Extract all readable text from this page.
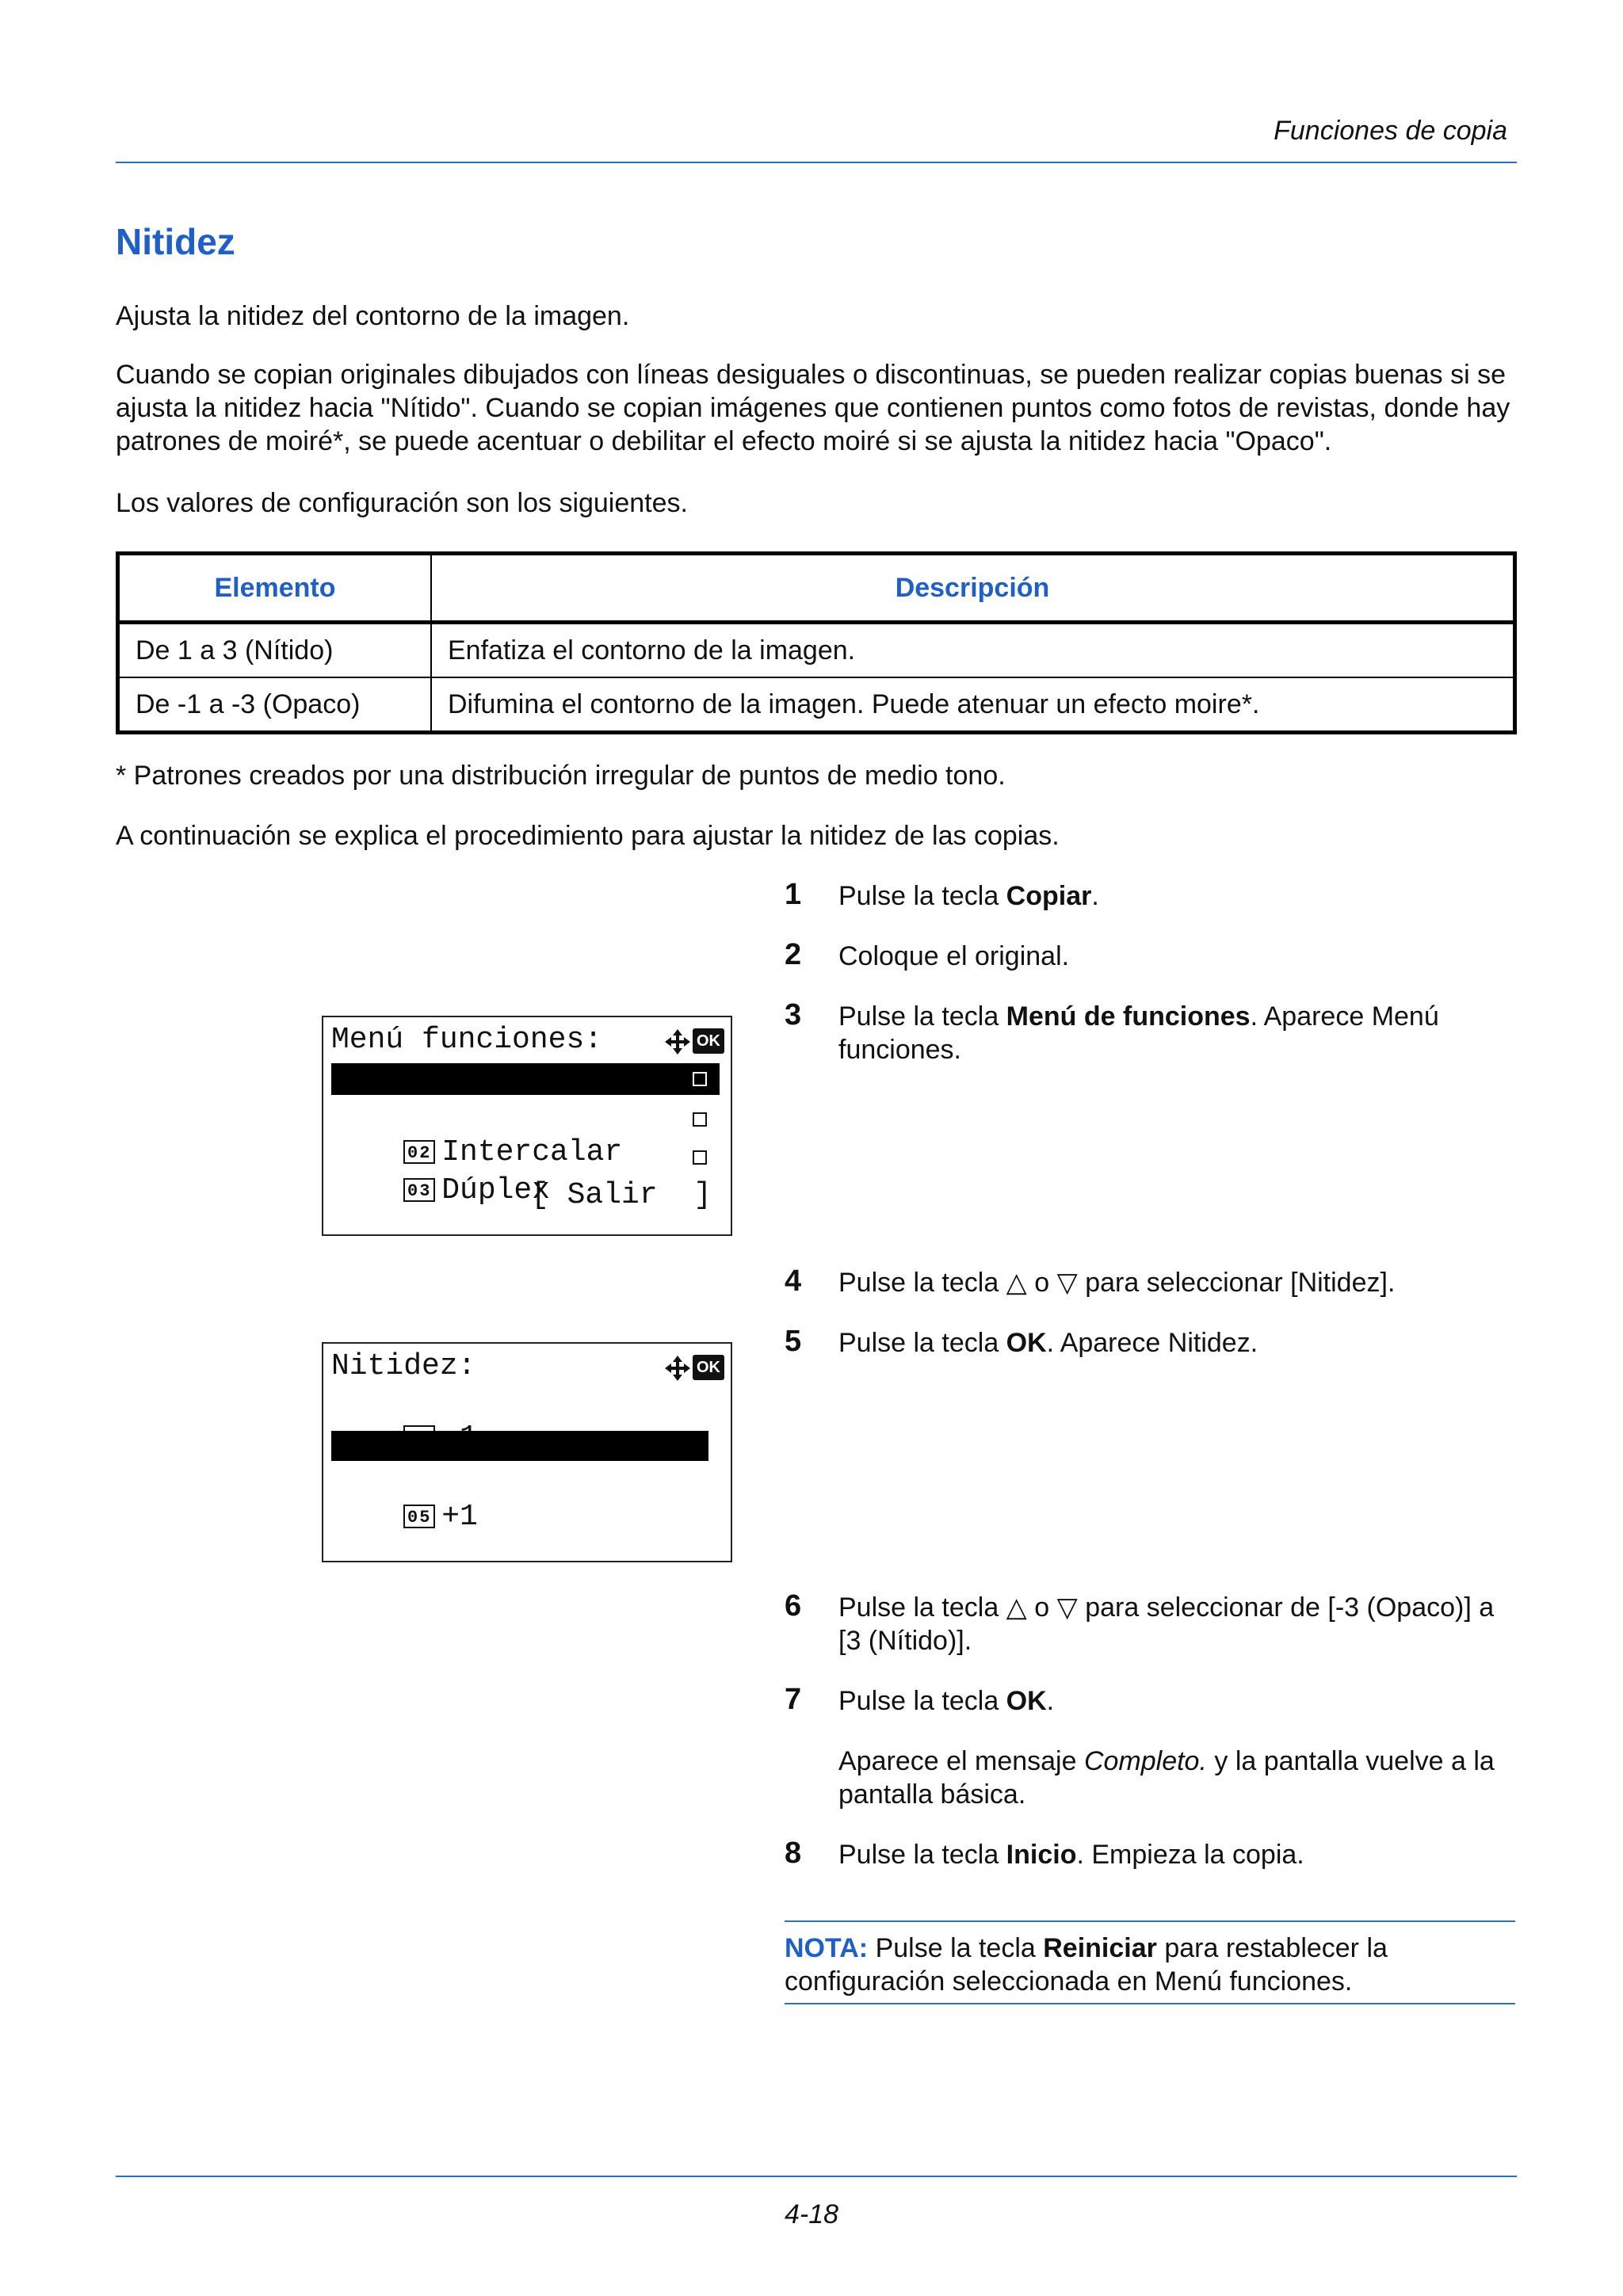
Funciones de copia
Nitidez
Ajusta la nitidez del contorno de la imagen.
Cuando se copian originales dibujados con líneas desiguales o discontinuas, se pueden realizar copias buenas si se ajusta la nitidez hacia "Nítido". Cuando se copian imágenes que contienen puntos como fotos de revistas, donde hay patrones de moiré*, se puede acentuar o debilitar el efecto moiré si se ajusta la nitidez hacia "Opaco".
Los valores de configuración son los siguientes.
Elemento	Descripción
De 1 a 3 (Nítido)	Enfatiza el contorno de la imagen.
De -1 a -3 (Opaco)	Difumina el contorno de la imagen. Puede atenuar un efecto moire*.
* Patrones creados por una distribución irregular de puntos de medio tono.
A continuación se explica el procedimiento para ajustar la nitidez de las copias.
1 Pulse la tecla Copiar.
2 Coloque el original.
3 Pulse la tecla Menú de funciones. Aparece Menú funciones.
4 Pulse la tecla △ o ▽ para seleccionar [Nitidez].
5 Pulse la tecla OK. Aparece Nitidez.
6 Pulse la tecla △ o ▽ para seleccionar de [-3 (Opaco)] a [3 (Nítido)].
7 Pulse la tecla OK.
Aparece el mensaje Completo. y la pantalla vuelve a la pantalla básica.
8 Pulse la tecla Inicio. Empieza la copia.
NOTA: Pulse la tecla Reiniciar para restablecer la configuración seleccionada en Menú funciones.
Menú funciones:	OK

01 Selección papel

02 Intercalar

03 Dúplex

[ Salir  ]
Nitidez:	OK

04 *0

05 +1

4-18
